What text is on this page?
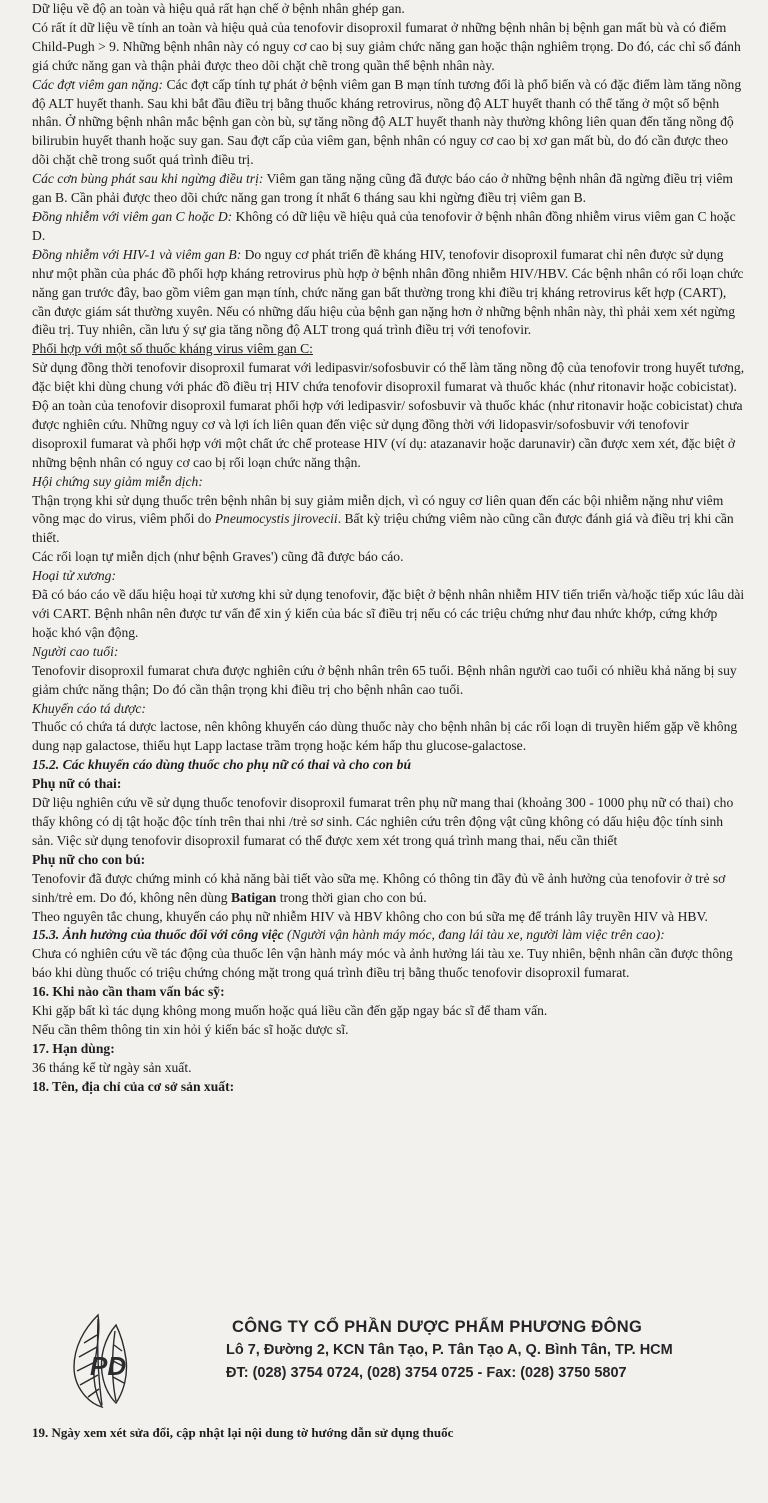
Dữ liệu về độ an toàn và hiệu quả rất hạn chế ở bệnh nhân ghép gan.

Có rất ít dữ liệu về tính an toàn và hiệu quả của tenofovir disoproxil fumarat ở những bệnh nhân bị bệnh gan mất bù và có điểm Child-Pugh > 9. Những bệnh nhân này có nguy cơ cao bị suy giảm chức năng gan hoặc thận nghiêm trọng. Do đó, các chỉ số đánh giá chức năng gan và thận phải được theo dõi chặt chẽ trong quần thể bệnh nhân này.

Các đợt viêm gan nặng: Các đợt cấp tính tự phát ở bệnh viêm gan B mạn tính tương đối là phổ biến và có đặc điểm làm tăng nồng độ ALT huyết thanh. Sau khi bắt đầu điều trị bằng thuốc kháng retrovirus, nồng độ ALT huyết thanh có thể tăng ở một số bệnh nhân. Ở những bệnh nhân mắc bệnh gan còn bù, sự tăng nồng độ ALT huyết thanh này thường không liên quan đến tăng nồng độ bilirubin huyết thanh hoặc suy gan. Sau đợt cấp của viêm gan, bệnh nhân có nguy cơ cao bị xơ gan mất bù, do đó cần được theo dõi chặt chẽ trong suốt quá trình điều trị.

Các cơn bùng phát sau khi ngừng điều trị: Viêm gan tăng nặng cũng đã được báo cáo ở những bệnh nhân đã ngừng điều trị viêm gan B. Cần phải được theo dõi chức năng gan trong ít nhất 6 tháng sau khi ngừng điều trị viêm gan B.

Đồng nhiễm với viêm gan C hoặc D: Không có dữ liệu về hiệu quả của tenofovir ở bệnh nhân đồng nhiễm virus viêm gan C hoặc D.

Đồng nhiễm với HIV-1 và viêm gan B: Do nguy cơ phát triển đề kháng HIV, tenofovir disoproxil fumarat chỉ nên được sử dụng như một phần của phác đồ phối hợp kháng retrovirus phù hợp ở bệnh nhân đồng nhiễm HIV/HBV. Các bệnh nhân có rối loạn chức năng gan trước đây, bao gồm viêm gan mạn tính, chức năng gan bất thường trong khi điều trị kháng retrovirus kết hợp (CART), cần được giám sát thường xuyên. Nếu có những dấu hiệu của bệnh gan nặng hơn ở những bệnh nhân này, thì phải xem xét ngừng điều trị. Tuy nhiên, cần lưu ý sự gia tăng nồng độ ALT trong quá trình điều trị với tenofovir.

Phối hợp với một số thuốc kháng virus viêm gan C:

Sử dụng đồng thời tenofovir disoproxil fumarat với ledipasvir/sofosbuvir có thể làm tăng nồng độ của tenofovir trong huyết tương, đặc biệt khi dùng chung với phác đồ điều trị HIV chứa tenofovir disoproxil fumarat và thuốc khác (như ritonavir hoặc cobicistat). Độ an toàn của tenofovir disoproxil fumarat phối hợp với ledipasvir/ sofosbuvir và thuốc khác (như ritonavir hoặc cobicistat) chưa được nghiên cứu. Những nguy cơ và lợi ích liên quan đến việc sử dụng đồng thời với lidopasvir/sofosbuvir với tenofovir disoproxil fumarat và phối hợp với một chất ức chế protease HIV (ví dụ: atazanavir hoặc darunavir) cần được xem xét, đặc biệt ở những bệnh nhân có nguy cơ cao bị rối loạn chức năng thận.

Hội chứng suy giảm miễn dịch:

Thận trọng khi sử dụng thuốc trên bệnh nhân bị suy giảm miễn dịch, vì có nguy cơ liên quan đến các bội nhiễm nặng như viêm võng mạc do virus, viêm phổi do Pneumocystis jirovecii. Bất kỳ triệu chứng viêm nào cũng cần được đánh giá và điều trị khi cần thiết.

Các rối loạn tự miễn dịch (như bệnh Graves') cũng đã được báo cáo.

Hoại tử xương:

Đã có báo cáo về dấu hiệu hoại tử xương khi sử dụng tenofovir, đặc biệt ở bệnh nhân nhiễm HIV tiến triển và/hoặc tiếp xúc lâu dài với CART. Bệnh nhân nên được tư vấn để xin ý kiến của bác sĩ điều trị nếu có các triệu chứng như đau nhức khớp, cứng khớp hoặc khó vận động.

Người cao tuổi:

Tenofovir disoproxil fumarat chưa được nghiên cứu ở bệnh nhân trên 65 tuổi. Bệnh nhân người cao tuổi có nhiều khả năng bị suy giảm chức năng thận; Do đó cần thận trọng khi điều trị cho bệnh nhân cao tuổi.

Khuyến cáo tá dược:

Thuốc có chứa tá dược lactose, nên không khuyến cáo dùng thuốc này cho bệnh nhân bị các rối loạn di truyền hiếm gặp về không dung nạp galactose, thiếu hụt Lapp lactase trầm trọng hoặc kém hấp thu glucose-galactose.

15.2. Các khuyến cáo dùng thuốc cho phụ nữ có thai và cho con bú

Phụ nữ có thai:

Dữ liệu nghiên cứu về sử dụng thuốc tenofovir disoproxil fumarat trên phụ nữ mang thai (khoảng 300 - 1000 phụ nữ có thai) cho thấy không có dị tật hoặc độc tính trên thai nhi /trẻ sơ sinh. Các nghiên cứu trên động vật cũng không có dấu hiệu độc tính sinh sản. Việc sử dụng tenofovir disoproxil fumarat có thể được xem xét trong quá trình mang thai, nếu cần thiết

Phụ nữ cho con bú:

Tenofovir đã được chứng minh có khả năng bài tiết vào sữa mẹ. Không có thông tin đầy đủ về ảnh hưởng của tenofovir ở trẻ sơ sinh/trẻ em. Do đó, không nên dùng Batigan trong thời gian cho con bú.

Theo nguyên tắc chung, khuyến cáo phụ nữ nhiễm HIV và HBV không cho con bú sữa mẹ để tránh lây truyền HIV và HBV.

15.3. Ảnh hưởng của thuốc đối với công việc (Người vận hành máy móc, đang lái tàu xe, người làm việc trên cao):

Chưa có nghiên cứu về tác động của thuốc lên vận hành máy móc và ảnh hưởng lái tàu xe. Tuy nhiên, bệnh nhân cần được thông báo khi dùng thuốc có triệu chứng chóng mặt trong quá trình điều trị bằng thuốc tenofovir disoproxil fumarat.

16. Khi nào cần tham vấn bác sỹ:

Khi gặp bất kì tác dụng không mong muốn hoặc quá liều cần đến gặp ngay bác sĩ để tham vấn.

Nếu cần thêm thông tin xin hỏi ý kiến bác sĩ hoặc dược sĩ.

17. Hạn dùng:

36 tháng kể từ ngày sản xuất.

18. Tên, địa chỉ của cơ sở sản xuất:

PD
CÔNG TY CỔ PHẦN DƯỢC PHẨM PHƯƠNG ĐÔNG
Lô 7, Đường 2, KCN Tân Tạo, P. Tân Tạo A, Q. Bình Tân, TP. HCM
ĐT: (028) 3754 0724, (028) 3754 0725 - Fax: (028) 3750 5807
19. Ngày xem xét sửa đổi, cập nhật lại nội dung tờ hướng dẫn sử dụng thuốc
